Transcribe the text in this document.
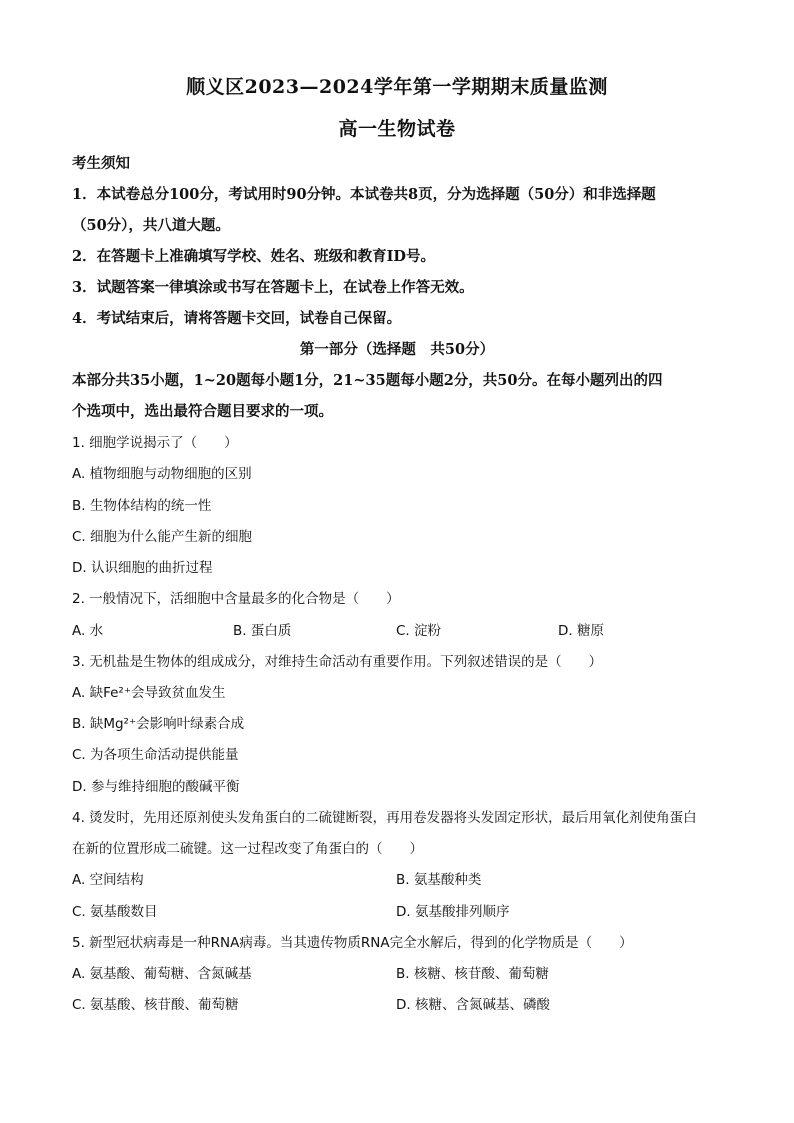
顺义区2023—2024学年第一学期期末质量监测
高一生物试卷
考生须知
1．本试卷总分100分，考试用时90分钟。本试卷共8页，分为选择题（50分）和非选择题
（50分），共八道大题。
2．在答题卡上准确填写学校、姓名、班级和教育ID号。
3．试题答案一律填涂或书写在答题卡上，在试卷上作答无效。
4．考试结束后，请将答题卡交回，试卷自己保留。
第一部分（选择题　共50分）
本部分共35小题，1~20题每小题1分，21~35题每小题2分，共50分。在每小题列出的四
个选项中，选出最符合题目要求的一项。
1. 细胞学说揭示了（　　）
A. 植物细胞与动物细胞的区别
B. 生物体结构的统一性
C. 细胞为什么能产生新的细胞
D. 认识细胞的曲折过程
2. 一般情况下，活细胞中含量最多的化合物是（　　）
A. 水	B. 蛋白质	C. 淀粉	D. 糖原
3. 无机盐是生物体的组成成分，对维持生命活动有重要作用。下列叙述错误的是（　　）
A. 缺Fe²⁺会导致贫血发生
B. 缺Mg²⁺会影响叶绿素合成
C. 为各项生命活动提供能量
D. 参与维持细胞的酸碱平衡
4. 烫发时，先用还原剂使头发角蛋白的二硫键断裂，再用卷发器将头发固定形状，最后用氧化剂使角蛋白
在新的位置形成二硫键。这一过程改变了角蛋白的（　　）
A. 空间结构	B. 氨基酸种类
C. 氨基酸数目	D. 氨基酸排列顺序
5. 新型冠状病毒是一种RNA病毒。当其遗传物质RNA完全水解后，得到的化学物质是（　　）
A. 氨基酸、葡萄糖、含氮碱基	B. 核糖、核苷酸、葡萄糖
C. 氨基酸、核苷酸、葡萄糖	D. 核糖、含氮碱基、磷酸
